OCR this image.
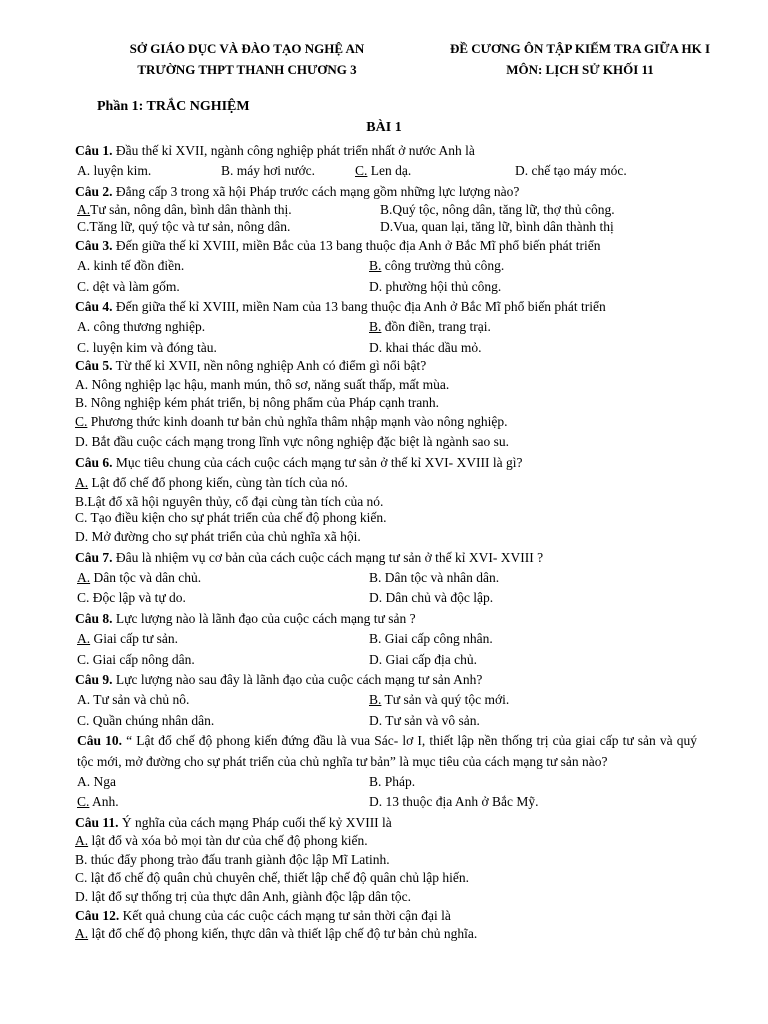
SỞ GIÁO DỤC VÀ ĐÀO TẠO NGHỆ AN
TRƯỜNG THPT THANH CHƯƠNG 3
ĐỀ CƯƠNG ÔN TẬP KIẾM TRA GIỮA HK I
MÔN: LỊCH SỬ KHỐI 11
Phần 1: TRẮC NGHIỆM
BÀI 1
Câu 1. Đầu thế kỉ XVII, ngành công nghiệp phát triển nhất ở nước Anh là
A. luyện kim.	B. máy hơi nước.	C. Len dạ.	D. chế tạo máy móc.
Câu 2. Đẳng cấp 3 trong xã hội Pháp trước cách mạng gồm những lực lượng nào?
A.Tư sản, nông dân, bình dân thành thị.	B.Quý tộc, nông dân, tăng lữ, thợ thủ công.
C.Tăng lữ, quý tộc và tư sản, nông dân.	D.Vua, quan lại, tăng lữ, bình dân thành thị
Câu 3. Đến giữa thế kỉ XVIII, miền Bắc của 13 bang thuộc địa Anh ở Bắc Mĩ phổ biến phát triển
A. kinh tế đồn điền.	B. công trường thủ công.
C. dệt và làm gốm.	D. phường hội thủ công.
Câu 4. Đến giữa thế kỉ XVIII, miền Nam của 13 bang thuộc địa Anh ở Bắc Mĩ phổ biến phát triển
A. công thương nghiệp.	B. đồn điền, trang trại.
C. luyện kim và đóng tàu.	D. khai thác dầu mỏ.
Câu 5. Từ thế kỉ XVII, nền nông nghiệp Anh có điểm gì nổi bật?
A. Nông nghiệp lạc hậu, manh mún, thô sơ, năng suất thấp, mất mùa.
B. Nông nghiệp kém phát triển, bị nông phẩm của Pháp cạnh tranh.
C. Phương thức kinh doanh tư bản chủ nghĩa thâm nhập mạnh vào nông nghiệp.
D. Bắt đầu cuộc cách mạng trong lĩnh vực nông nghiệp đặc biệt là ngành sao su.
Câu 6. Mục tiêu chung của cách cuộc cách mạng tư sản ở thế kỉ XVI- XVIII là gì?
A. Lật đổ chế đổ phong kiến, cùng tàn tích của nó.
B.Lật đổ xã hội nguyên thủy, cổ đại cùng tàn tích của nó.
C. Tạo điều kiện cho sự phát triển của chế độ phong kiến.
D. Mở đường cho sự phát triển của chủ nghĩa xã hội.
Câu 7. Đâu là nhiệm vụ cơ bản của cách cuộc cách mạng tư sản ở thế kỉ XVI- XVIII ?
A. Dân tộc và dân chủ.	B. Dân tộc và nhân dân.
C. Độc lập và tự do.	D. Dân chủ và độc lập.
Câu 8. Lực lượng nào là lãnh đạo của cuộc cách mạng tư sản ?
A. Giai cấp tư sản.	B. Giai cấp công nhân.
C. Giai cấp nông dân.	D. Giai cấp địa chủ.
Câu 9. Lực lượng nào sau đây là lãnh đạo của cuộc cách mạng tư sản Anh?
A. Tư sản và chủ nô.	B. Tư sản và quý tộc mới.
C. Quần chúng nhân dân.	D. Tư sản và vô sản.
Câu 10. “ Lật đổ chế độ phong kiến đứng đầu là vua Sác- lơ I, thiết lập nền thống trị của giai cấp tư sản và quý tộc mới, mở đường cho sự phát triển của chủ nghĩa tư bản” là mục tiêu của cách mạng tư sản nào?
A. Nga	B. Pháp.
C. Anh.	D. 13 thuộc địa Anh ở Bắc Mỹ.
Câu 11. Ý nghĩa của cách mạng Pháp cuối thế kỷ XVIII là
A. lật đổ và xóa bỏ mọi tàn dư của chế độ phong kiến.
B. thúc đẩy phong trào đấu tranh giành độc lập Mĩ Latinh.
C. lật đổ chế độ quân chủ chuyên chế, thiết lập chế độ quân chủ lập hiến.
D. lật đổ sự thống trị của thực dân Anh, giành độc lập dân tộc.
Câu 12. Kết quả chung của các cuộc cách mạng tư sản thời cận đại là
A. lật đổ chế độ phong kiến, thực dân và thiết lập chế độ tư bản chủ nghĩa.
